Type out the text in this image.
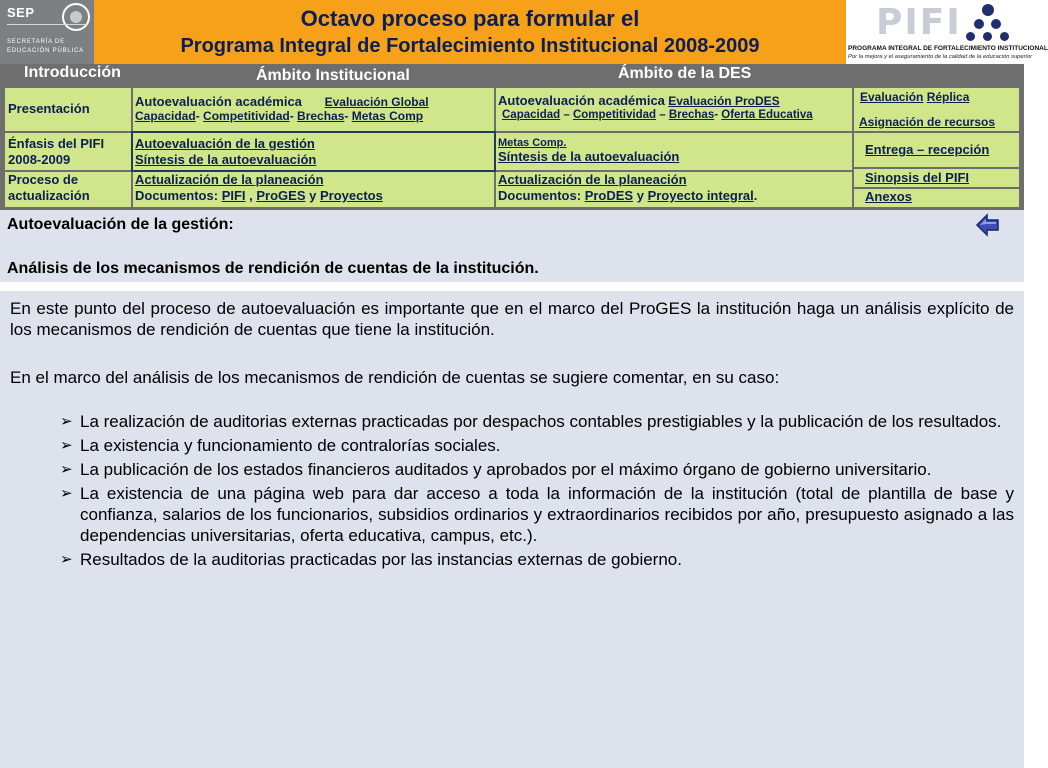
SEP
SECRETARÍA DE
EDUCACIÓN PÚBLICA
Octavo proceso para formular el
Programa Integral de Fortalecimiento Institucional 2008-2009
PIFI
PROGRAMA INTEGRAL DE FORTALECIMIENTO INSTITUCIONAL
Por la mejora y el aseguramiento de la calidad de la educación superior
Introducción	Ámbito Institucional	Ámbito de la DES
Presentación
Énfasis del PIFI
2008-2009
Proceso de
actualización
Autoevaluación académica Evaluación Global
Capacidad- Competitividad- Brechas- Metas Comp
Autoevaluación de la gestión
Síntesis de la autoevaluación
Actualización de la planeación
Documentos: PIFI , ProGES y Proyectos
Autoevaluación académica Evaluación ProDES
Capacidad – Competitividad – Brechas- Oferta Educativa
Metas Comp.
Síntesis de la autoevaluación
Actualización de la planeación
Documentos: ProDES y Proyecto integral.
Evaluación Réplica
Asignación de recursos
Entrega – recepción
Sinopsis del PIFI
Anexos
Autoevaluación de la gestión:
Análisis de los mecanismos de rendición de cuentas de la institución.

En este punto del proceso de autoevaluación es importante que en el marco del ProGES la institución haga un análisis explícito de los mecanismos de rendición de cuentas que tiene la institución.

En el marco del análisis de los mecanismos de rendición de cuentas se sugiere comentar, en su caso:

➢ La realización de auditorias externas practicadas por despachos contables prestigiables y la publicación de los resultados.
➢ La existencia y funcionamiento de contralorías sociales.
➢ La publicación de los estados financieros auditados y aprobados por el máximo órgano de gobierno universitario.
➢ La existencia de una página web para dar acceso a toda la información de la institución (total de plantilla de base y confianza, salarios de los funcionarios, subsidios ordinarios y extraordinarios recibidos por año, presupuesto asignado a las dependencias universitarias, oferta educativa, campus, etc.).
➢ Resultados de la auditorias practicadas por las instancias externas de gobierno.
